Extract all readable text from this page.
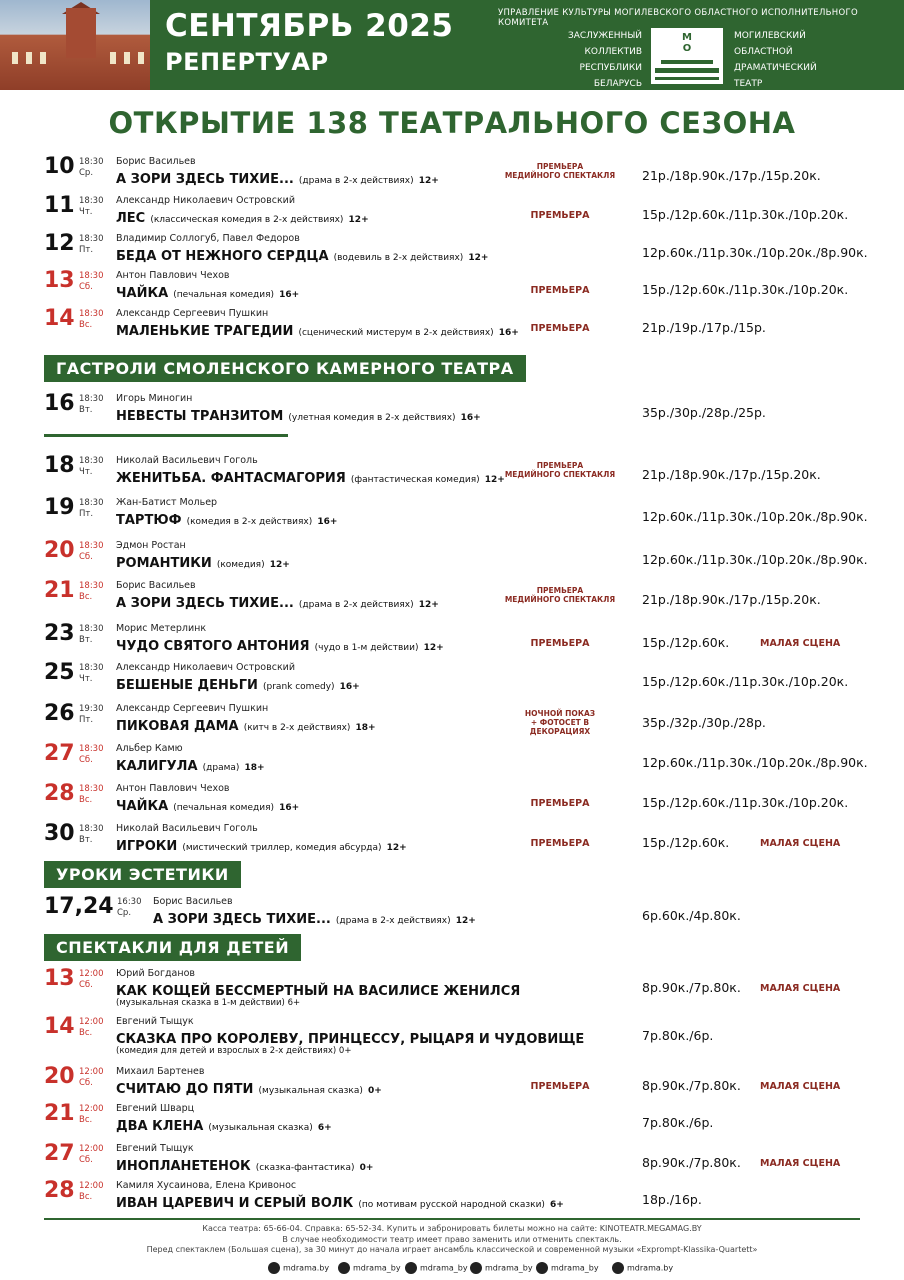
СЕНТЯБРЬ 2025
РЕПЕРТУАР
УПРАВЛЕНИЕ КУЛЬТУРЫ МОГИЛЕВСКОГО ОБЛАСТНОГО ИСПОЛНИТЕЛЬНОГО КОМИТЕТА
ЗАСЛУЖЕННЫЙ
КОЛЛЕКТИВ
РЕСПУБЛИКИ
БЕЛАРУСЬ
М
О
МОГИЛЕВСКИЙ
ОБЛАСТНОЙ
ДРАМАТИЧЕСКИЙ
ТЕАТР
ОТКРЫТИЕ 138 ТЕАТРАЛЬНОГО СЕЗОНА
10 18:30
Ср.
Борис Васильев
А ЗОРИ ЗДЕСЬ ТИХИЕ... (драма в 2-х действиях) 12+
ПРЕМЬЕРА
МЕДИЙНОГО СПЕКТАКЛЯ	21р./18р.90к./17р./15р.20к.
11 18:30
Чт.
Александр Николаевич Островский
ЛЕС (классическая комедия в 2-х действиях) 12+	ПРЕМЬЕРА	15р./12р.60к./11р.30к./10р.20к.
12 18:30
Пт.
Владимир Соллогуб, Павел Федоров
БЕДА ОТ НЕЖНОГО СЕРДЦА (водевиль в 2-х действиях) 12+	12р.60к./11р.30к./10р.20к./8р.90к.
13 18:30
Сб.
Антон Павлович Чехов
ЧАЙКА (печальная комедия) 16+	ПРЕМЬЕРА	15р./12р.60к./11р.30к./10р.20к.
14 18:30
Вс.
Александр Сергеевич Пушкин
МАЛЕНЬКИЕ ТРАГЕДИИ (сценический мистерум в 2-х действиях) 16+	ПРЕМЬЕРА	21р./19р./17р./15р.
16 18:30
Вт.
Игорь Миногин
НЕВЕСТЫ ТРАНЗИТОМ (улетная комедия в 2-х действиях) 16+	35р./30р./28р./25р.
18 18:30
Чт.
Николай Васильевич Гоголь
ЖЕНИТЬБА. ФАНТАСМАГОРИЯ (фантастическая комедия) 12+
ПРЕМЬЕРА
МЕДИЙНОГО СПЕКТАКЛЯ	21р./18р.90к./17р./15р.20к.
19 18:30
Пт.
Жан-Батист Мольер
ТАРТЮФ (комедия в 2-х действиях) 16+	12р.60к./11р.30к./10р.20к./8р.90к.
20 18:30
Сб.
Эдмон Ростан
РОМАНТИКИ (комедия) 12+	12р.60к./11р.30к./10р.20к./8р.90к.
21 18:30
Вс.
Борис Васильев
А ЗОРИ ЗДЕСЬ ТИХИЕ... (драма в 2-х действиях) 12+
ПРЕМЬЕРА
МЕДИЙНОГО СПЕКТАКЛЯ	21р./18р.90к./17р./15р.20к.
23 18:30
Вт.
Морис Метерлинк
ЧУДО СВЯТОГО АНТОНИЯ (чудо в 1-м действии) 12+	ПРЕМЬЕРА	15р./12р.60к.	МАЛАЯ СЦЕНА
25 18:30
Чт.
Александр Николаевич Островский
БЕШЕНЫЕ ДЕНЬГИ (prank comedy) 16+	15р./12р.60к./11р.30к./10р.20к.
26 19:30
Пт.
Александр Сергеевич Пушкин
ПИКОВАЯ ДАМА (китч в 2-х действиях) 18+
НОЧНОЙ ПОКАЗ
+ ФОТОСЕТ В ДЕКОРАЦИЯХ
35р./32р./30р./28р.
27 18:30
Сб.
Альбер Камю
КАЛИГУЛА (драма) 18+	12р.60к./11р.30к./10р.20к./8р.90к.
28 18:30
Вс.
Антон Павлович Чехов
ЧАЙКА (печальная комедия) 16+	ПРЕМЬЕРА	15р./12р.60к./11р.30к./10р.20к.
30 18:30
Вт.
Николай Васильевич Гоголь
ИГРОКИ (мистический триллер, комедия абсурда) 12+	ПРЕМЬЕРА	15р./12р.60к.	МАЛАЯ СЦЕНА
17,24 16:30
Ср.
Борис Васильев
А ЗОРИ ЗДЕСЬ ТИХИЕ... (драма в 2-х действиях) 12+	6р.60к./4р.80к.
13 12:00
Сб.
Юрий Богданов
КАК КОЩЕЙ БЕССМЕРТНЫЙ НА ВАСИЛИСЕ ЖЕНИЛСЯ
(музыкальная сказка в 1-м действии) 6+
8р.90к./7р.80к. МАЛАЯ СЦЕНА
14 12:00
Вс.
Евгений Тыщук
СКАЗКА ПРО КОРОЛЕВУ, ПРИНЦЕССУ, РЫЦАРЯ И ЧУДОВИЩЕ
(комедия для детей и взрослых в 2-х действиях) 0+
7р.80к./6р.
20 12:00
Сб.
Михаил Бартенев
СЧИТАЮ ДО ПЯТИ (музыкальная сказка) 0+	ПРЕМЬЕРА	8р.90к./7р.80к. МАЛАЯ СЦЕНА
21 12:00
Вс.
Евгений Шварц
ДВА КЛЕНА (музыкальная сказка) 6+	7р.80к./6р.
27 12:00
Сб.
Евгений Тыщук
ИНОПЛАНЕТЕНОК (сказка-фантастика) 0+	8р.90к./7р.80к. МАЛАЯ СЦЕНА
28 12:00
Вс.
Камиля Хусаинова, Елена Кривонос
ИВАН ЦАРЕВИЧ И СЕРЫЙ ВОЛК (по мотивам русской народной сказки) 6+	18р./16р.
ГАСТРОЛИ СМОЛЕНСКОГО КАМЕРНОГО ТЕАТРА
УРОКИ ЭСТЕТИКИ
СПЕКТАКЛИ ДЛЯ ДЕТЕЙ
Касса театра: 65-66-04. Справка: 65-52-34. Купить и забронировать билеты можно на сайте: KINOTEATR.MEGAMAG.BY
В случае необходимости театр имеет право заменить или отменить спектакль.
Перед спектаклем (Большая сцена), за 30 минут до начала играет ансамбль классической и современной музыки «Exprompt-Klassika-Quartett»
mdrama.by	mdrama_by	mdrama_by	mdrama_by	mdrama_by	mdrama.by
